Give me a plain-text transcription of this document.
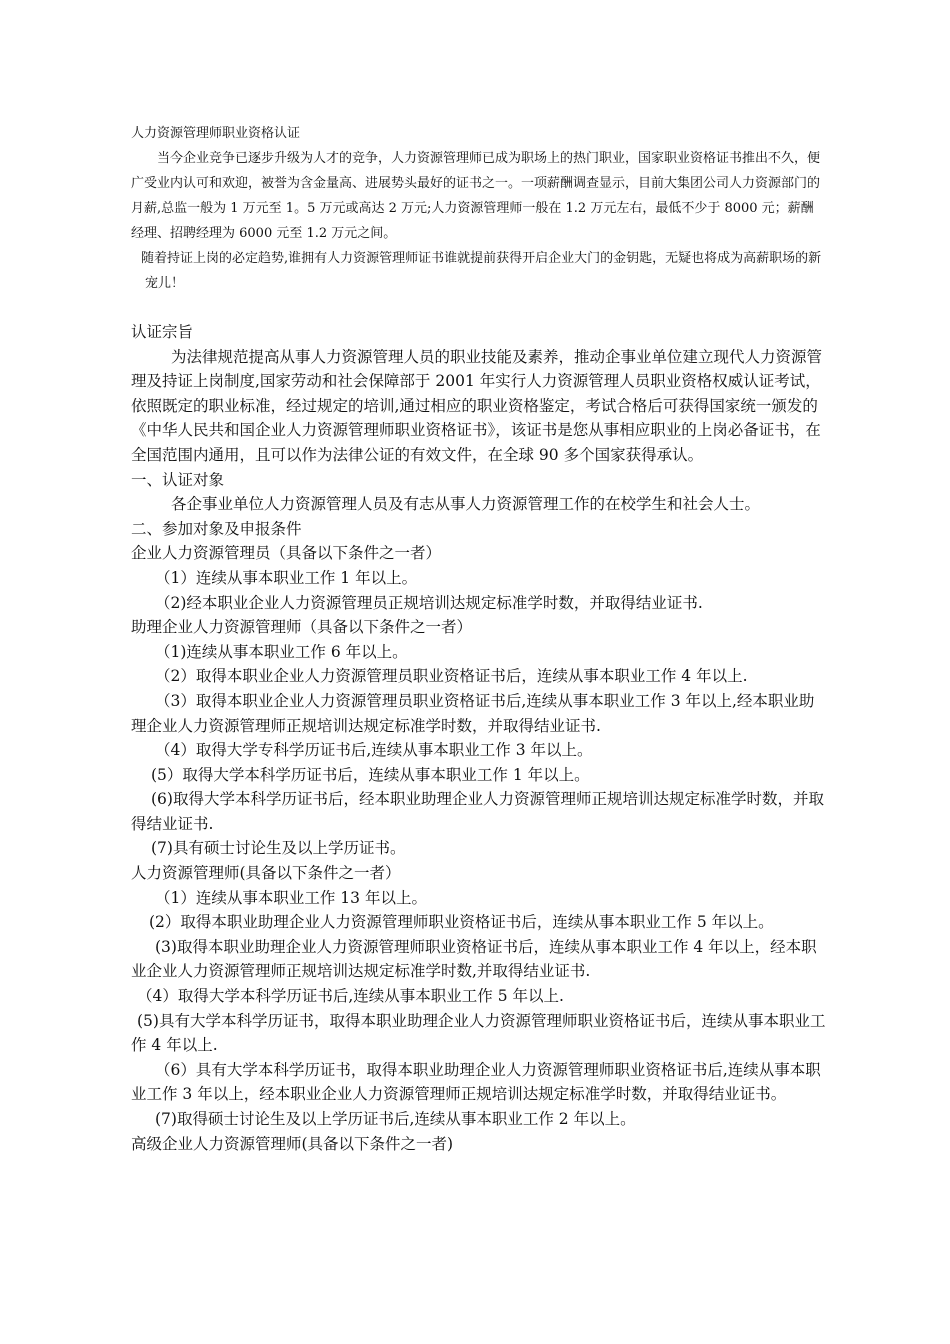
人力资源管理师职业资格认证

当今企业竞争已逐步升级为人才的竞争，人力资源管理师已成为职场上的热门职业，国家职业资格证书推出不久，便广受业内认可和欢迎，被誉为含金量高、进展势头最好的证书之一。一项薪酬调查显示，目前大集团公司人力资源部门的月薪,总监一般为 1 万元至 1。5 万元或高达 2 万元;人力资源管理师一般在 1.2 万元左右，最低不少于 8000 元；薪酬经理、招聘经理为 6000 元至 1.2 万元之间。

随着持证上岗的必定趋势,谁拥有人力资源管理师证书谁就提前获得开启企业大门的金钥匙，无疑也将成为高薪职场的新宠儿！

认证宗旨

为法律规范提高从事人力资源管理人员的职业技能及素养，推动企事业单位建立现代人力资源管理及持证上岗制度,国家劳动和社会保障部于 2001 年实行人力资源管理人员职业资格权威认证考试，依照既定的职业标准，经过规定的培训,通过相应的职业资格鉴定，考试合格后可获得国家统一颁发的《中华人民共和国企业人力资源管理师职业资格证书》，该证书是您从事相应职业的上岗必备证书，在全国范围内通用，且可以作为法律公证的有效文件，在全球 90 多个国家获得承认。

一、认证对象

各企事业单位人力资源管理人员及有志从事人力资源管理工作的在校学生和社会人士。

二、参加对象及申报条件

企业人力资源管理员（具备以下条件之一者）

（1）连续从事本职业工作 1 年以上。

（2)经本职业企业人力资源管理员正规培训达规定标准学时数，并取得结业证书.

助理企业人力资源管理师（具备以下条件之一者）

（1)连续从事本职业工作 6 年以上。

（2）取得本职业企业人力资源管理员职业资格证书后，连续从事本职业工作 4 年以上.

（3）取得本职业企业人力资源管理员职业资格证书后,连续从事本职业工作 3 年以上,经本职业助理企业人力资源管理师正规培训达规定标准学时数，并取得结业证书.

（4）取得大学专科学历证书后,连续从事本职业工作 3 年以上。

(5）取得大学本科学历证书后，连续从事本职业工作 1 年以上。

(6)取得大学本科学历证书后，经本职业助理企业人力资源管理师正规培训达规定标准学时数，并取得结业证书.

(7)具有硕士讨论生及以上学历证书。

人力资源管理师(具备以下条件之一者）

（1）连续从事本职业工作 13 年以上。

(2）取得本职业助理企业人力资源管理师职业资格证书后，连续从事本职业工作 5 年以上。

(3)取得本职业助理企业人力资源管理师职业资格证书后，连续从事本职业工作 4 年以上，经本职业企业人力资源管理师正规培训达规定标准学时数,并取得结业证书.

（4）取得大学本科学历证书后,连续从事本职业工作 5 年以上.

(5)具有大学本科学历证书，取得本职业助理企业人力资源管理师职业资格证书后，连续从事本职业工作 4 年以上.

（6）具有大学本科学历证书，取得本职业助理企业人力资源管理师职业资格证书后,连续从事本职业工作 3 年以上，经本职业企业人力资源管理师正规培训达规定标准学时数，并取得结业证书。

(7)取得硕士讨论生及以上学历证书后,连续从事本职业工作 2 年以上。

高级企业人力资源管理师(具备以下条件之一者)
